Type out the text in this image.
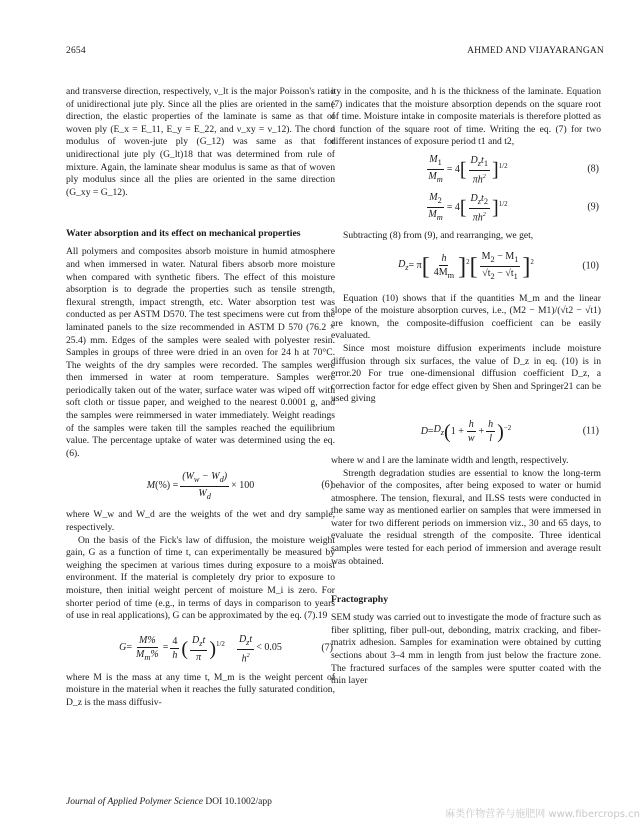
2654	AHMED AND VIJAYARANGAN

and transverse direction, respectively, ν_lt is the major Poisson's ratio of unidirectional jute ply. Since all the plies are oriented in the same direction, the elastic properties of the laminate is same as that of woven ply (E_x = E_11, E_y = E_22, and ν_xy = ν_12). The chord modulus of woven-jute ply (G_12) was same as that for unidirectional jute ply (G_lt)18 that was determined from rule of mixture. Again, the laminate shear modulus is same as that of woven ply modulus since all the plies are oriented in the same direction (G_xy = G_12).

Water absorption and its effect on mechanical properties

All polymers and composites absorb moisture in humid atmosphere and when immersed in water. Natural fibers absorb more moisture when compared with synthetic fibers. The effect of this moisture absorption is to degrade the properties such as tensile strength, flexural strength, impact strength, etc. Water absorption test was conducted as per ASTM D570. The test specimens were cut from the laminated panels to the size recommended in ASTM D 570 (76.2 × 25.4) mm. Edges of the samples were sealed with polyester resin. Samples in groups of three were dried in an oven for 24 h at 70°C. The weights of the dry samples were recorded. The samples were then immersed in water at room temperature. Samples were periodically taken out of the water, surface water was wiped off with soft cloth or tissue paper, and weighed to the nearest 0.0001 g, and the samples were reimmersed in water immediately. Weight readings of the samples were taken till the samples reached the equilibrium value. The percentage uptake of water was determined using the eq. (6).

M (%) = $\frac{(W_w - W_d)}{W_d} \times 100$	(6)

where W_w and W_d are the weights of the wet and dry sample, respectively.

On the basis of the Fick's law of diffusion, the moisture weight gain, G as a function of time t, can experimentally be measured by weighing the specimen at various times during exposure to a moist environment. If the material is completely dry prior to exposure to moisture, then initial weight percent of moisture M_i is zero. For shorter period of time (e.g., in terms of days in comparison to years of use in real applications), G can be approximated by the eq. (7).19

$G = \frac{M\%}{M_m\%} = \frac{4}{h}$ ( $D_zt$
π ) 1/2 $D_zt$
$h^2$
< 0.05	(7)

where M is the mass at any time t, M_m is the weight percent of moisture in the material when it reaches the fully saturated condition, D_z is the mass diffusiv-

ity in the composite, and h is the thickness of the laminate. Equation (7) indicates that the moisture absorption depends on the square root of time. Moisture intake in composite materials is therefore plotted as a function of the square root of time. Writing the eq. (7) for two different instances of exposure period t1 and t2,

$\frac{M_1}{M_m} = 4$ [ $D_zt_1$
$\pi h^2$ ] 1/2	(8)
$\frac{M_2}{M_m} = 4$ [ $D_zt_2$
$\pi h^2$ ] 1/2	(9)

Subtracting (8) from (9), and rearranging, we get,

$D_z = \pi$ [ h
$4M_m$ ] 2 [ $M_2 - M_1$
$√t_2 - √t_1$ ] 2	(10)

Equation (10) shows that if the quantities M_m and the linear slope of the moisture absorption curves, i.e., (M2 − M1)/(√t2 − √t1) are known, the composite-diffusion coefficient can be easily evaluated.

Since most moisture diffusion experiments include moisture diffusion through six surfaces, the value of D_z in eq. (10) is in error.20 For true one-dimensional diffusion coefficient D_z, a correction factor for edge effect given by Shen and Springer21 can be used giving

$D = D_z$ ( $1 + \frac{h}{w} + \frac{h}{l}$ ) −2	(11)

where w and l are the laminate width and length, respectively.

Strength degradation studies are essential to know the long-term behavior of the composites, after being exposed to water or humid atmosphere. The tension, flexural, and ILSS tests were conducted in the same way as mentioned earlier on samples that were immersed in water for two different periods on immersion viz., 30 and 65 days, to evaluate the residual strength of the composite. Three identical samples were tested for each period of immersion and average result was obtained.

Fractography

SEM study was carried out to investigate the mode of fracture such as fiber splitting, fiber pull-out, debonding, matrix cracking, and fiber-matrix adhesion. Samples for examination were obtained by cutting sections about 3–4 mm in length from just below the fracture zone. The fractured surfaces of the samples were sputter coated with the thin layer

Journal of Applied Polymer Science DOI 10.1002/app
麻类作物营养与施肥网 www.fibercrops.cn
